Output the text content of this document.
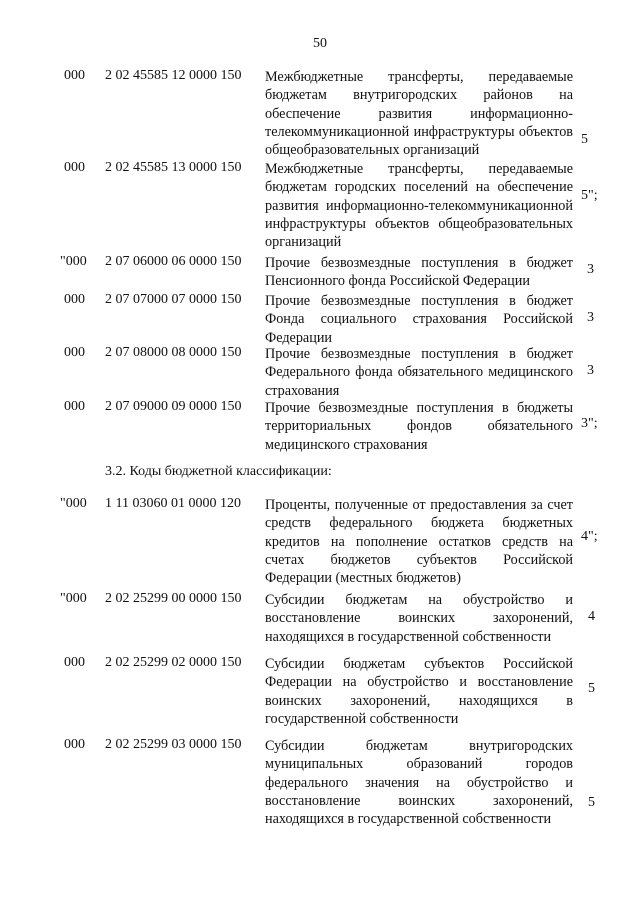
50
000 2 02 45585 12 0000 150 Межбюджетные трансферты, передаваемые бюджетам внутригородских районов на обеспечение развития информационно-телекоммуникационной инфраструктуры объектов общеобразовательных организаций
5
000 2 02 45585 13 0000 150 Межбюджетные трансферты, передаваемые бюджетам городских поселений на обеспечение развития информационно-телекоммуникационной инфраструктуры объектов общеобразовательных организаций
5";
"000 2 07 06000 06 0000 150 Прочие безвозмездные поступления в бюджет Пенсионного фонда Российской Федерации
3
000 2 07 07000 07 0000 150 Прочие безвозмездные поступления в бюджет Фонда социального страхования Российской Федерации
3
000 2 07 08000 08 0000 150 Прочие безвозмездные поступления в бюджет Федерального фонда обязательного медицинского страхования
3
000 2 07 09000 09 0000 150 Прочие безвозмездные поступления в бюджеты территориальных фондов обязательного медицинского страхования
3";
3.2. Коды бюджетной классификации:
"000 1 11 03060 01 0000 120 Проценты, полученные от предоставления за счет средств федерального бюджета бюджетных кредитов на пополнение остатков средств на счетах бюджетов субъектов Российской Федерации (местных бюджетов)
4";
"000 2 02 25299 00 0000 150 Субсидии бюджетам на обустройство и восстановление воинских захоронений, находящихся в государственной собственности
4
000 2 02 25299 02 0000 150 Субсидии бюджетам субъектов Российской Федерации на обустройство и восстановление воинских захоронений, находящихся в государственной собственности
5
000 2 02 25299 03 0000 150 Субсидии бюджетам внутригородских муниципальных образований городов федерального значения на обустройство и восстановление воинских захоронений, находящихся в государственной собственности
5
